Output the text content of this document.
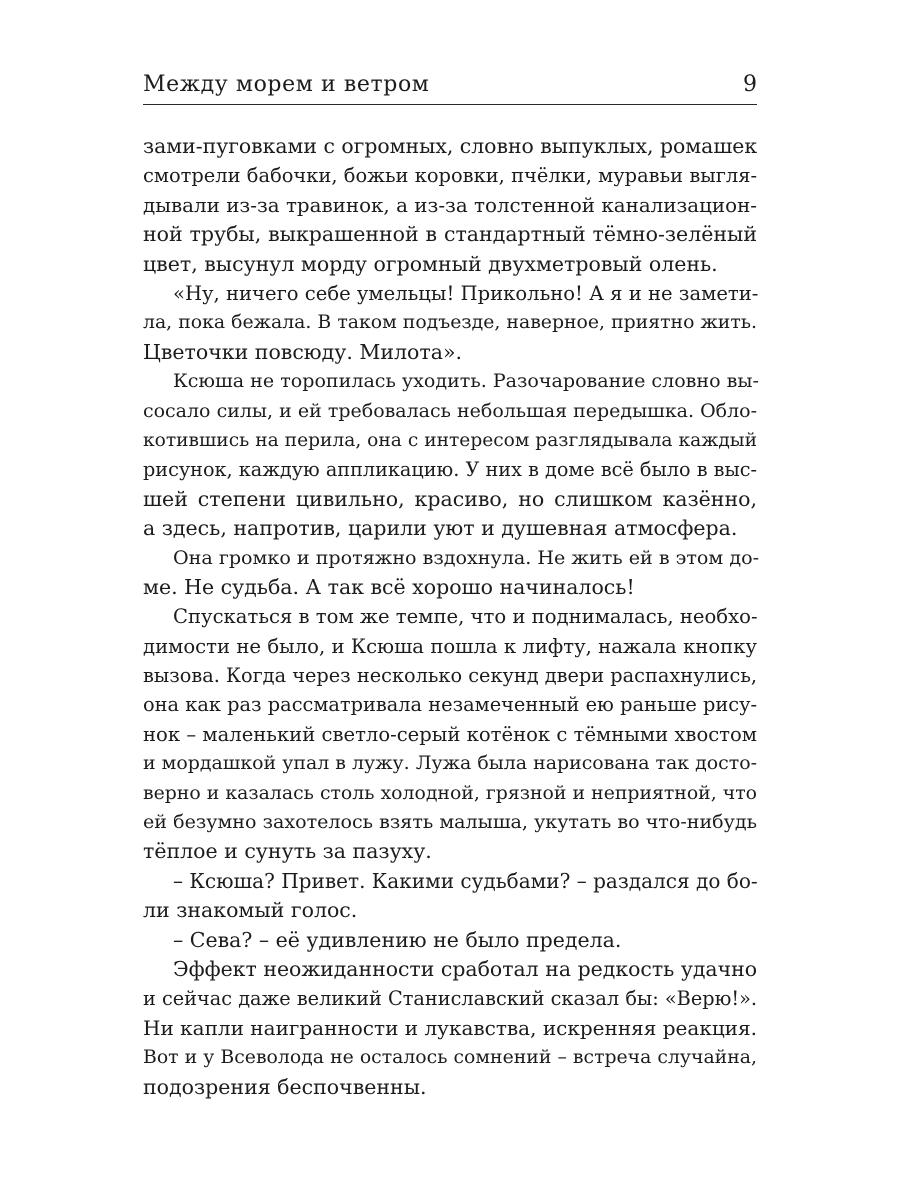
Между морем и ветром	9
зами-пуговками с огромных, словно выпуклых, ромашек
смотрели бабочки, божьи коровки, пчёлки, муравьи выгля-
дывали из-за травинок, а из-за толстенной канализацион-
ной трубы, выкрашенной в стандартный тёмно-зелёный
цвет, высунул морду огромный двухметровый олень.
«Ну, ничего себе умельцы! Прикольно! А я и не замети-
ла, пока бежала. В таком подъезде, наверное, приятно жить.
Цветочки повсюду. Милота».
Ксюша не торопилась уходить. Разочарование словно вы-
сосало силы, и ей требовалась небольшая передышка. Обло-
котившись на перила, она с интересом разглядывала каждый
рисунок, каждую аппликацию. У них в доме всё было в выс-
шей степени цивильно, красиво, но слишком казённо,
а здесь, напротив, царили уют и душевная атмосфера.
Она громко и протяжно вздохнула. Не жить ей в этом до-
ме. Не судьба. А так всё хорошо начиналось!
Спускаться в том же темпе, что и поднималась, необхо-
димости не было, и Ксюша пошла к лифту, нажала кнопку
вызова. Когда через несколько секунд двери распахнулись,
она как раз рассматривала незамеченный ею раньше рису-
нок – маленький светло-серый котёнок с тёмными хвостом
и мордашкой упал в лужу. Лужа была нарисована так досто-
верно и казалась столь холодной, грязной и неприятной, что
ей безумно захотелось взять малыша, укутать во что-нибудь
тёплое и сунуть за пазуху.
– Ксюша? Привет. Какими судьбами? – раздался до бо-
ли знакомый голос.
– Сева? – её удивлению не было предела.
Эффект неожиданности сработал на редкость удачно
и сейчас даже великий Станиславский сказал бы: «Верю!».
Ни капли наигранности и лукавства, искренняя реакция.
Вот и у Всеволода не осталось сомнений – встреча случайна,
подозрения беспочвенны.
